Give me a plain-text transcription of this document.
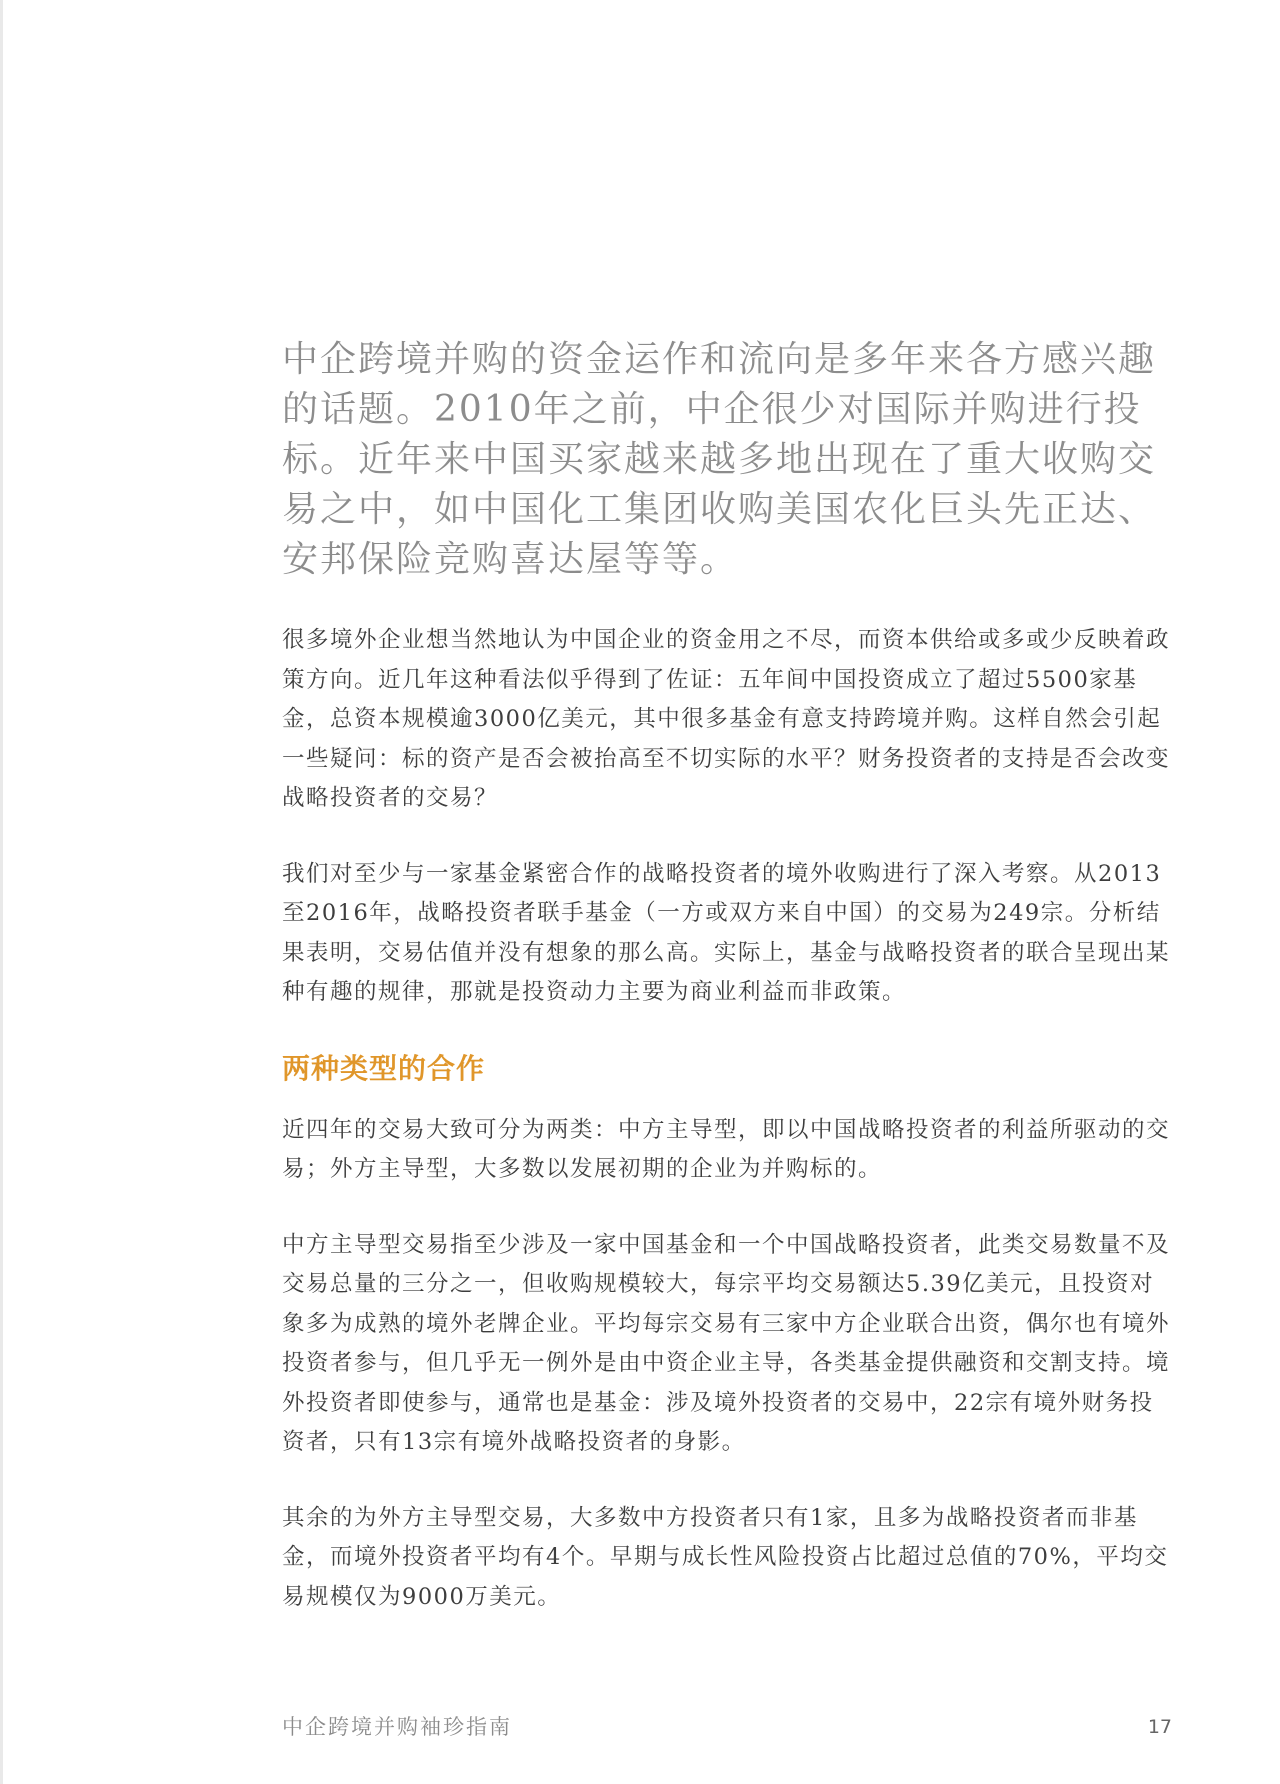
中企跨境并购的资金运作和流向是多年来各方感兴趣的话题。2010年之前，中企很少对国际并购进行投标。近年来中国买家越来越多地出现在了重大收购交易之中，如中国化工集团收购美国农化巨头先正达、安邦保险竞购喜达屋等等。

很多境外企业想当然地认为中国企业的资金用之不尽，而资本供给或多或少反映着政策方向。近几年这种看法似乎得到了佐证：五年间中国投资成立了超过5500家基金，总资本规模逾3000亿美元，其中很多基金有意支持跨境并购。这样自然会引起一些疑问：标的资产是否会被抬高至不切实际的水平？财务投资者的支持是否会改变战略投资者的交易？

我们对至少与一家基金紧密合作的战略投资者的境外收购进行了深入考察。从2013至2016年，战略投资者联手基金（一方或双方来自中国）的交易为249宗。分析结果表明，交易估值并没有想象的那么高。实际上，基金与战略投资者的联合呈现出某种有趣的规律，那就是投资动力主要为商业利益而非政策。

两种类型的合作

近四年的交易大致可分为两类：中方主导型，即以中国战略投资者的利益所驱动的交易；外方主导型，大多数以发展初期的企业为并购标的。

中方主导型交易指至少涉及一家中国基金和一个中国战略投资者，此类交易数量不及交易总量的三分之一，但收购规模较大，每宗平均交易额达5.39亿美元，且投资对象多为成熟的境外老牌企业。平均每宗交易有三家中方企业联合出资，偶尔也有境外投资者参与，但几乎无一例外是由中资企业主导，各类基金提供融资和交割支持。境外投资者即使参与，通常也是基金：涉及境外投资者的交易中，22宗有境外财务投资者，只有13宗有境外战略投资者的身影。

其余的为外方主导型交易，大多数中方投资者只有1家，且多为战略投资者而非基金，而境外投资者平均有4个。早期与成长性风险投资占比超过总值的70%，平均交易规模仅为9000万美元。

中企跨境并购袖珍指南	17
